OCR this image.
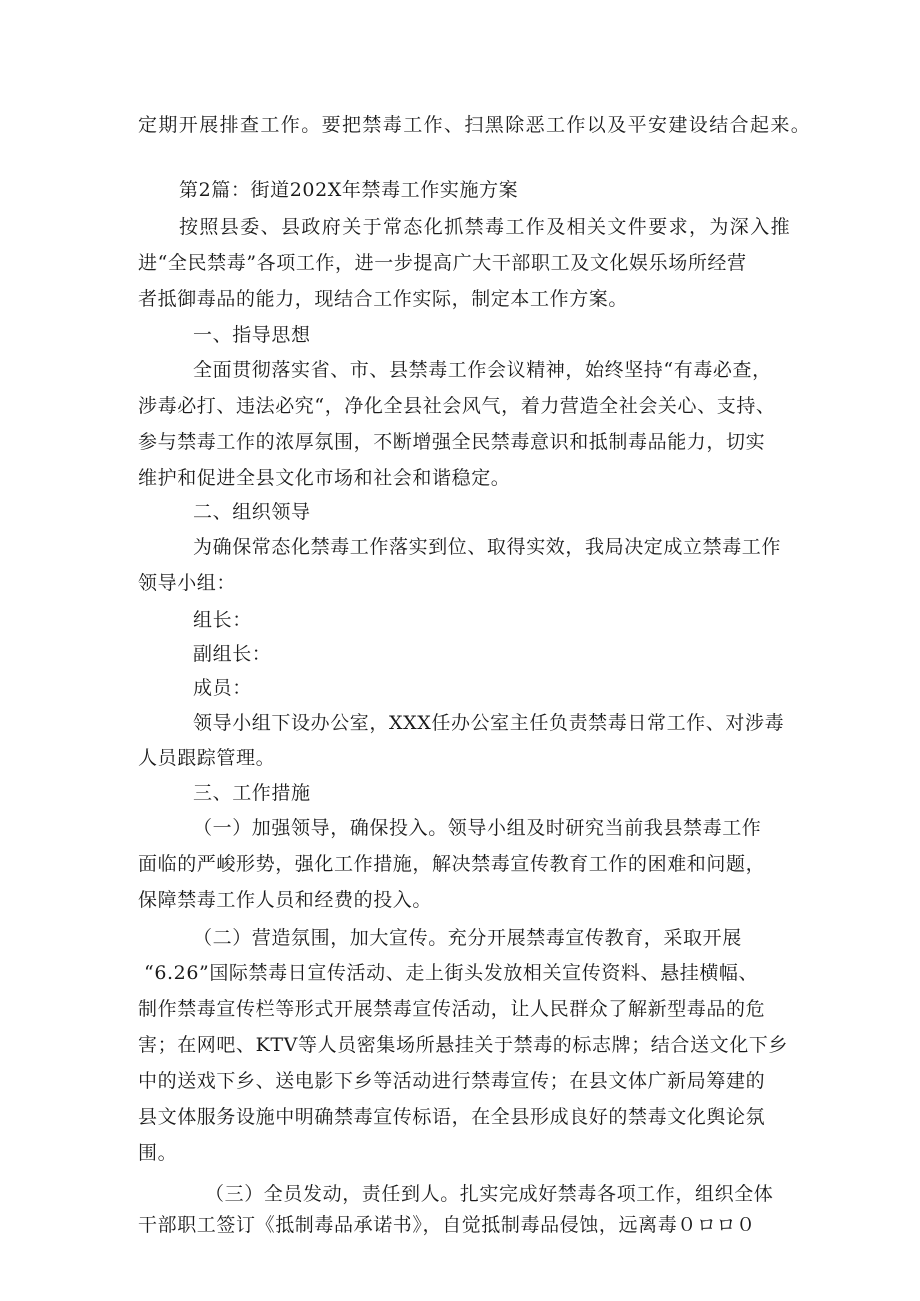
定期开展排查工作。要把禁毒工作、扫黑除恶工作以及平安建设结合起来。
第2篇：街道202X年禁毒工作实施方案
按照县委、县政府关于常态化抓禁毒工作及相关文件要求，为深入推
进“全民禁毒”各项工作，进一步提高广大干部职工及文化娱乐场所经营
者抵御毒品的能力，现结合工作实际，制定本工作方案。
一、指导思想
全面贯彻落实省、市、县禁毒工作会议精神，始终坚持“有毒必查，
涉毒必打、违法必究“，净化全县社会风气，着力营造全社会关心、支持、
参与禁毒工作的浓厚氛围，不断增强全民禁毒意识和抵制毒品能力，切实
维护和促进全县文化市场和社会和谐稳定。
二、组织领导
为确保常态化禁毒工作落实到位、取得实效，我局决定成立禁毒工作
领导小组：
组长：
副组长：
成员：
领导小组下设办公室，XXX任办公室主任负责禁毒日常工作、对涉毒
人员跟踪管理。
三、工作措施
（一）加强领导，确保投入。领导小组及时研究当前我县禁毒工作
面临的严峻形势，强化工作措施，解决禁毒宣传教育工作的困难和问题，
保障禁毒工作人员和经费的投入。
（二）营造氛围，加大宣传。充分开展禁毒宣传教育，采取开展
“6.26”国际禁毒日宣传活动、走上街头发放相关宣传资料、悬挂横幅、
制作禁毒宣传栏等形式开展禁毒宣传活动，让人民群众了解新型毒品的危
害；在网吧、KTV等人员密集场所悬挂关于禁毒的标志牌；结合送文化下乡
中的送戏下乡、送电影下乡等活动进行禁毒宣传；在县文体广新局筹建的
县文体服务设施中明确禁毒宣传标语，在全县形成良好的禁毒文化舆论氛
围。
（三）全员发动，责任到人。扎实完成好禁毒各项工作，组织全体
干部职工签订《抵制毒品承诺书》，自觉抵制毒品侵蚀，远离毒０ロロ０
